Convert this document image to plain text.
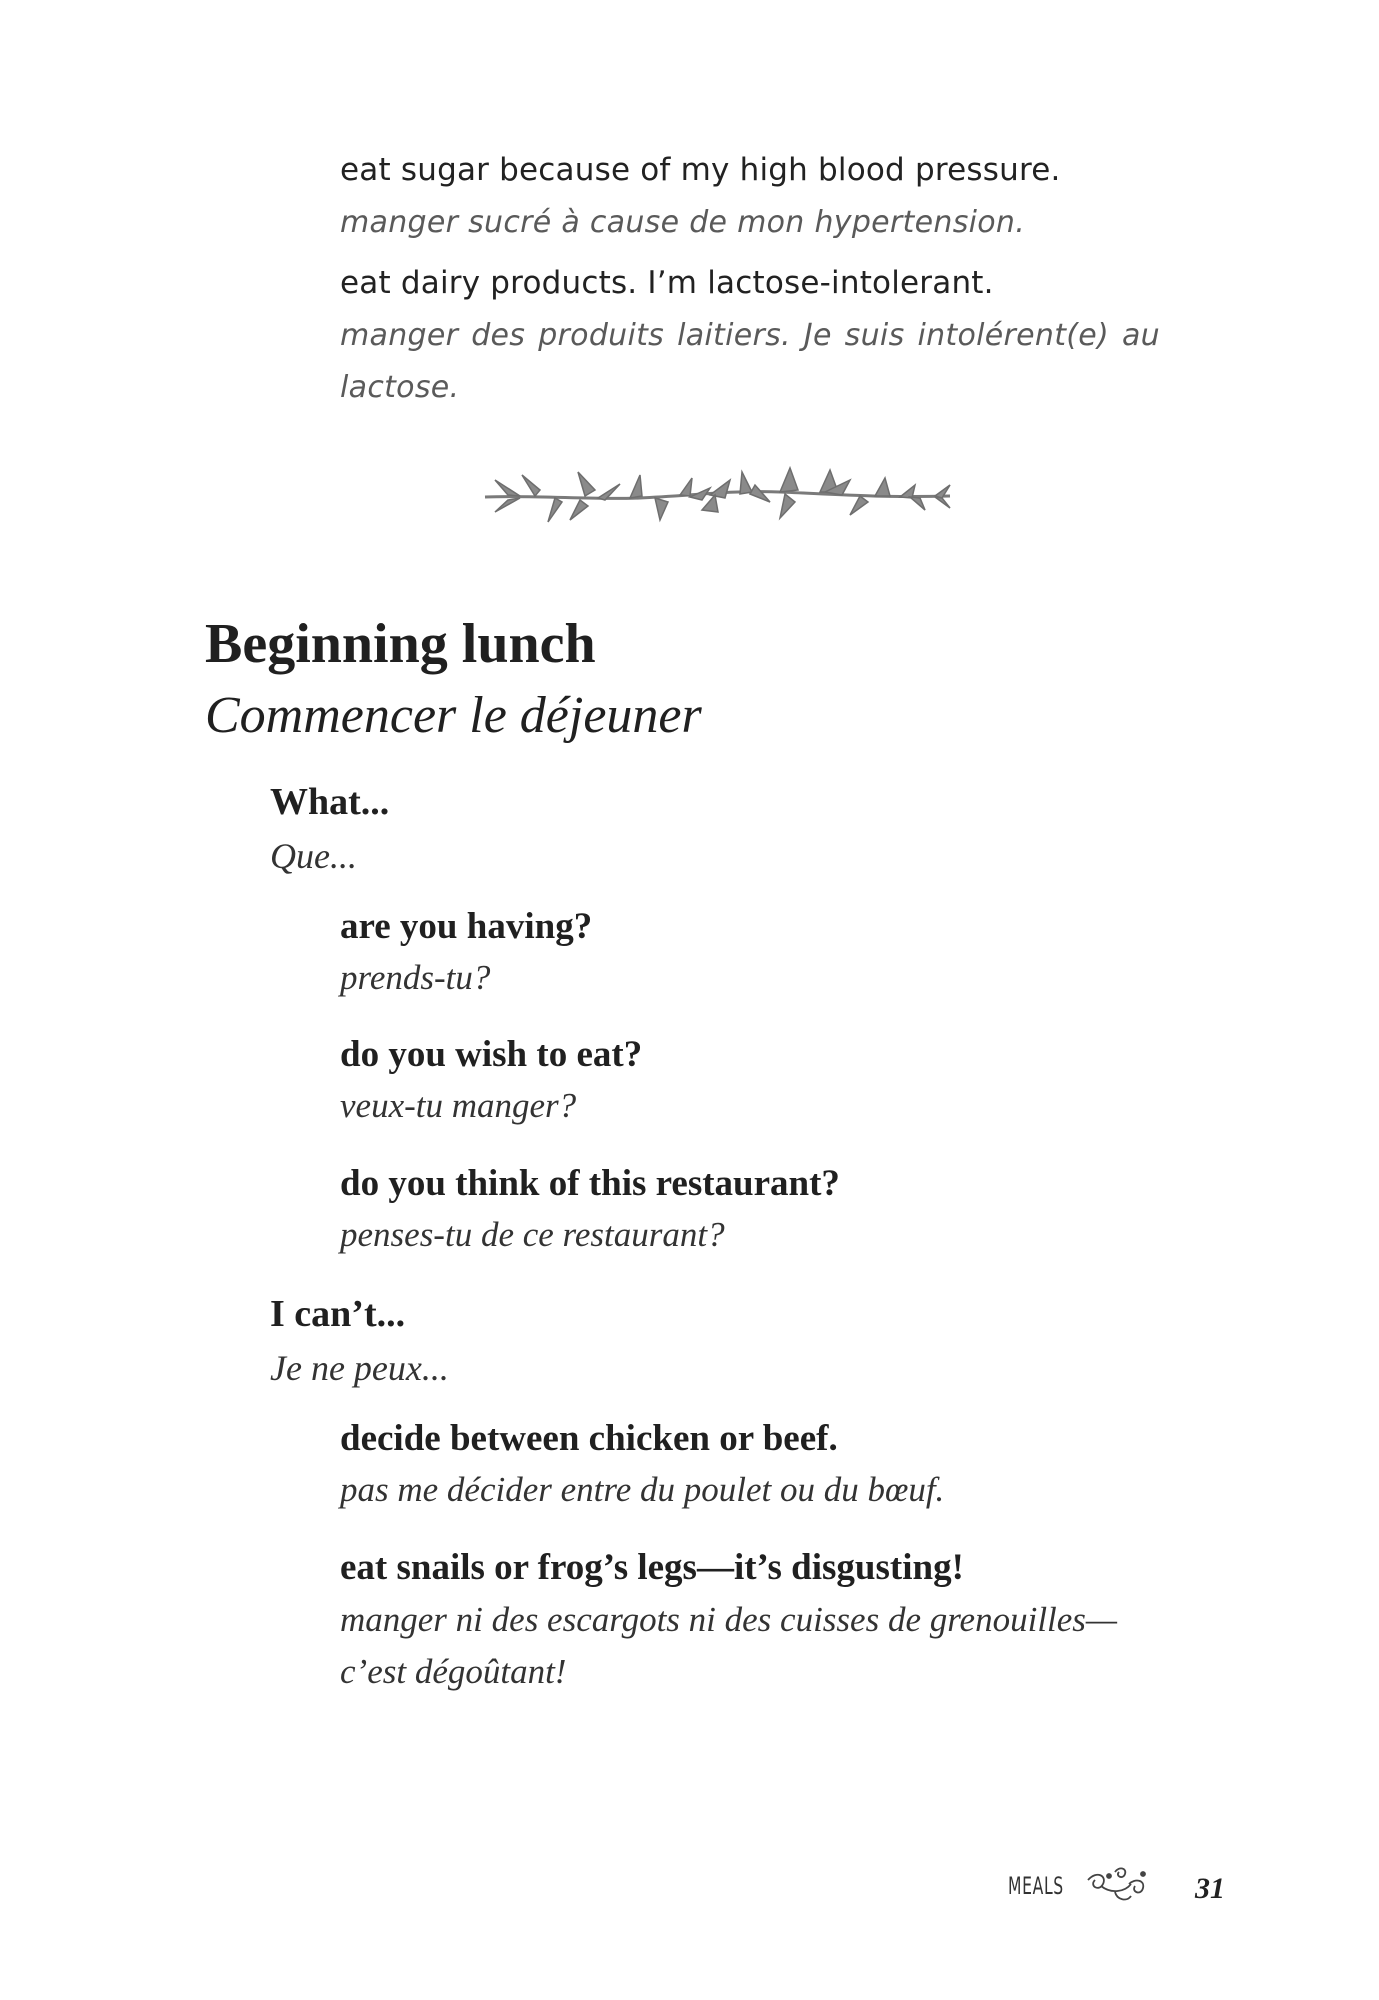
eat sugar because of my high blood pressure.
manger sucré à cause de mon hypertension.
eat dairy products. I’m lactose-intolerant.
manger des produits laitiers. Je suis intolérent(e) au
lactose.
Beginning lunch
Commencer le déjeuner
What...
Que...
are you having?
prends-tu?
do you wish to eat?
veux-tu manger?
do you think of this restaurant?
penses-tu de ce restaurant?
I can’t...
Je ne peux...
decide between chicken or beef.
pas me décider entre du poulet ou du bœuf.
eat snails or frog’s legs—it’s disgusting!
manger ni des escargots ni des cuisses de grenouilles—
c’est dégoûtant!
MEALS	31
